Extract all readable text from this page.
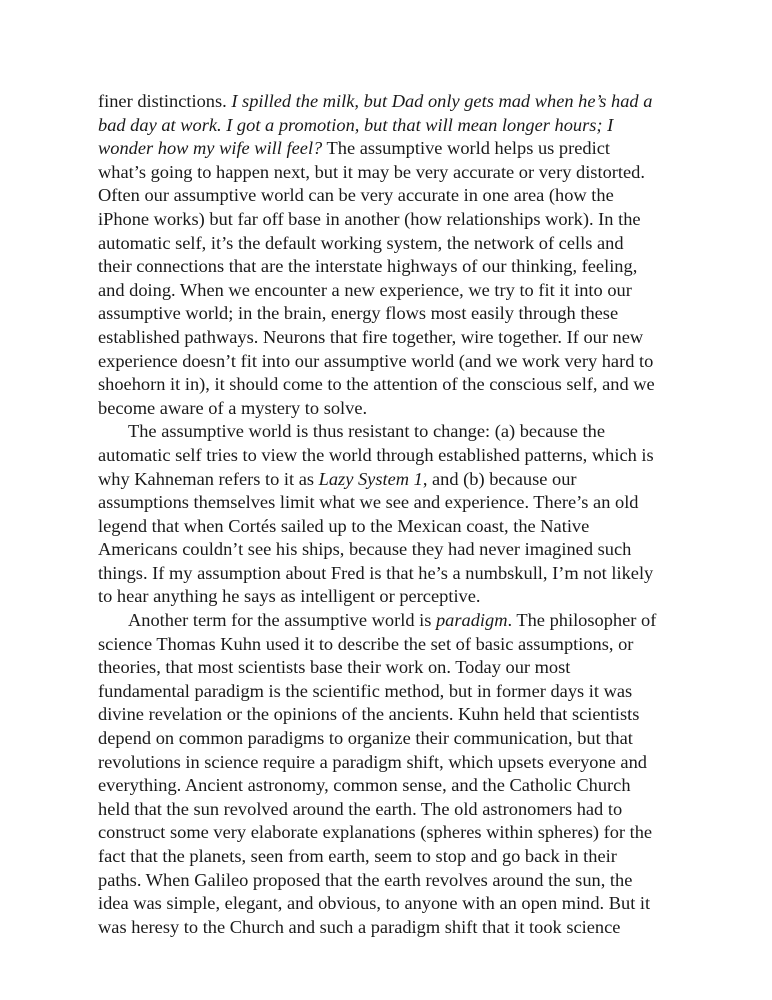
finer distinctions. I spilled the milk, but Dad only gets mad when he’s had a
bad day at work. I got a promotion, but that will mean longer hours; I
wonder how my wife will feel? The assumptive world helps us predict
what’s going to happen next, but it may be very accurate or very distorted.
Often our assumptive world can be very accurate in one area (how the
iPhone works) but far off base in another (how relationships work). In the
automatic self, it’s the default working system, the network of cells and
their connections that are the interstate highways of our thinking, feeling,
and doing. When we encounter a new experience, we try to fit it into our
assumptive world; in the brain, energy flows most easily through these
established pathways. Neurons that fire together, wire together. If our new
experience doesn’t fit into our assumptive world (and we work very hard to
shoehorn it in), it should come to the attention of the conscious self, and we
become aware of a mystery to solve.
The assumptive world is thus resistant to change: (a) because the
automatic self tries to view the world through established patterns, which is
why Kahneman refers to it as Lazy System 1, and (b) because our
assumptions themselves limit what we see and experience. There’s an old
legend that when Cortés sailed up to the Mexican coast, the Native
Americans couldn’t see his ships, because they had never imagined such
things. If my assumption about Fred is that he’s a numbskull, I’m not likely
to hear anything he says as intelligent or perceptive.
Another term for the assumptive world is paradigm. The philosopher of
science Thomas Kuhn used it to describe the set of basic assumptions, or
theories, that most scientists base their work on. Today our most
fundamental paradigm is the scientific method, but in former days it was
divine revelation or the opinions of the ancients. Kuhn held that scientists
depend on common paradigms to organize their communication, but that
revolutions in science require a paradigm shift, which upsets everyone and
everything. Ancient astronomy, common sense, and the Catholic Church
held that the sun revolved around the earth. The old astronomers had to
construct some very elaborate explanations (spheres within spheres) for the
fact that the planets, seen from earth, seem to stop and go back in their
paths. When Galileo proposed that the earth revolves around the sun, the
idea was simple, elegant, and obvious, to anyone with an open mind. But it
was heresy to the Church and such a paradigm shift that it took science
